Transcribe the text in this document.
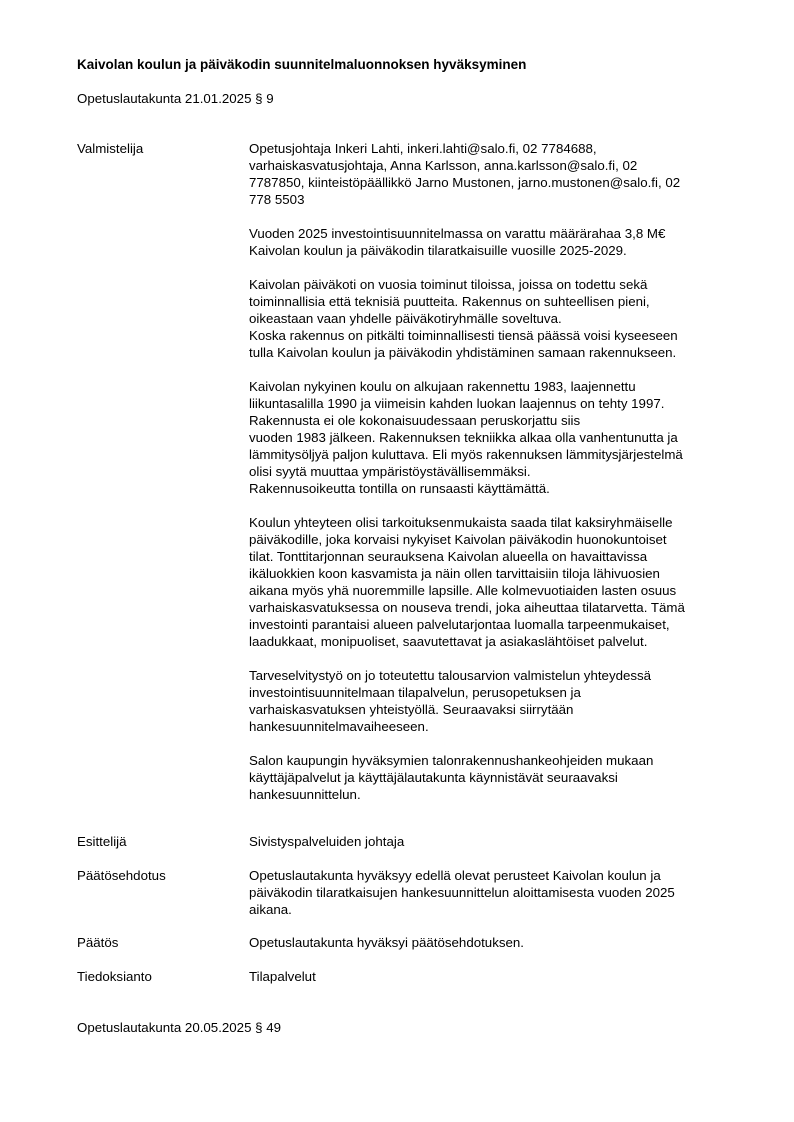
Kaivolan koulun ja päiväkodin suunnitelmaluonnoksen hyväksyminen

Opetuslautakunta 21.01.2025 § 9

Valmistelija	Opetusjohtaja Inkeri Lahti, inkeri.lahti@salo.fi, 02 7784688,
varhaiskasvatusjohtaja, Anna Karlsson, anna.karlsson@salo.fi, 02
7787850, kiinteistöpäällikkö Jarno Mustonen, jarno.mustonen@salo.fi, 02
778 5503

Vuoden 2025 investointisuunnitelmassa on varattu määrärahaa 3,8 M€
Kaivolan koulun ja päiväkodin tilaratkaisuille vuosille 2025-2029.

Kaivolan päiväkoti on vuosia toiminut tiloissa, joissa on todettu sekä
toiminnallisia että teknisiä puutteita. Rakennus on suhteellisen pieni,
oikeastaan vaan yhdelle päiväkotiryhmälle soveltuva.
Koska rakennus on pitkälti toiminnallisesti tiensä päässä voisi kyseeseen
tulla Kaivolan koulun ja päiväkodin yhdistäminen samaan rakennukseen.

Kaivolan nykyinen koulu on alkujaan rakennettu 1983, laajennettu
liikuntasalilla 1990 ja viimeisin kahden luokan laajennus on tehty 1997.
Rakennusta ei ole kokonaisuudessaan peruskorjattu siis
vuoden 1983 jälkeen. Rakennuksen tekniikka alkaa olla vanhentunutta ja
lämmitysöljyä paljon kuluttava. Eli myös rakennuksen lämmitysjärjestelmä
olisi syytä muuttaa ympäristöystävällisemmäksi.
Rakennusoikeutta tontilla on runsaasti käyttämättä.

Koulun yhteyteen olisi tarkoituksenmukaista saada tilat kaksiryhmäiselle
päiväkodille, joka korvaisi nykyiset Kaivolan päiväkodin huonokuntoiset
tilat. Tonttitarjonnan seurauksena Kaivolan alueella on havaittavissa
ikäluokkien koon kasvamista ja näin ollen tarvittaisiin tiloja lähivuosien
aikana myös yhä nuoremmille lapsille. Alle kolmevuotiaiden lasten osuus
varhaiskasvatuksessa on nouseva trendi, joka aiheuttaa tilatarvetta. Tämä
investointi parantaisi alueen palvelutarjontaa luomalla tarpeenmukaiset,
laadukkaat, monipuoliset, saavutettavat ja asiakaslähtöiset palvelut.

Tarveselvitystyö on jo toteutettu talousarvion valmistelun yhteydessä
investointisuunnitelmaan tilapalvelun, perusopetuksen ja
varhaiskasvatuksen yhteistyöllä. Seuraavaksi siirrytään
hankesuunnitelmavaiheeseen.

Salon kaupungin hyväksymien talonrakennushankeohjeiden mukaan
käyttäjäpalvelut ja käyttäjälautakunta käynnistävät seuraavaksi
hankesuunnittelun.

Esittelijä	Sivistyspalveluiden johtaja
Päätösehdotus	Opetuslautakunta hyväksyy edellä olevat perusteet Kaivolan koulun ja
päiväkodin tilaratkaisujen hankesuunnittelun aloittamisesta vuoden 2025
aikana.
Päätös	Opetuslautakunta hyväksyi päätösehdotuksen.
Tiedoksianto	Tilapalvelut

Opetuslautakunta 20.05.2025 § 49
